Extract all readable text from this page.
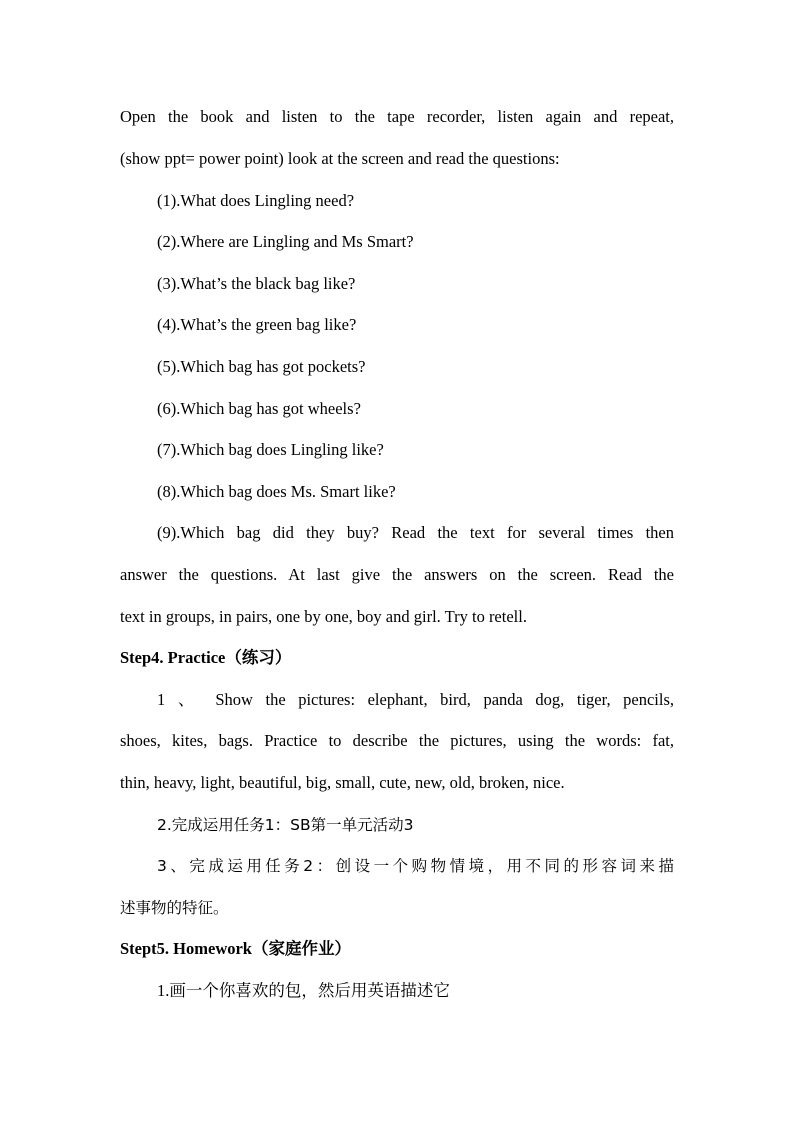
Open the book and listen to the tape recorder, listen again and repeat,
(show ppt= power point) look at the screen and read the questions:
(1).What does Lingling need?
(2).Where are Lingling and Ms Smart?
(3).What’s the black bag like?
(4).What’s the green bag like?
(5).Which bag has got pockets?
(6).Which bag has got wheels?
(7).Which bag does Lingling like?
(8).Which bag does Ms. Smart like?
(9).Which bag did they buy? Read the text for several times then
answer the questions. At last give the answers on the screen. Read the
text in groups, in pairs, one by one, boy and girl. Try to retell.
Step4. Practice（练习）
1 、 Show the pictures: elephant, bird, panda dog, tiger, pencils,
shoes, kites, bags. Practice to describe the pictures, using the words: fat,
thin, heavy, light, beautiful, big, small, cute, new, old, broken, nice.
2.完成运用任务1：SB第一单元活动3
3、完成运用任务2：创设一个购物情境，用不同的形容词来描
述事物的特征。
Stept5. Homework（家庭作业）
1.画一个你喜欢的包，然后用英语描述它
